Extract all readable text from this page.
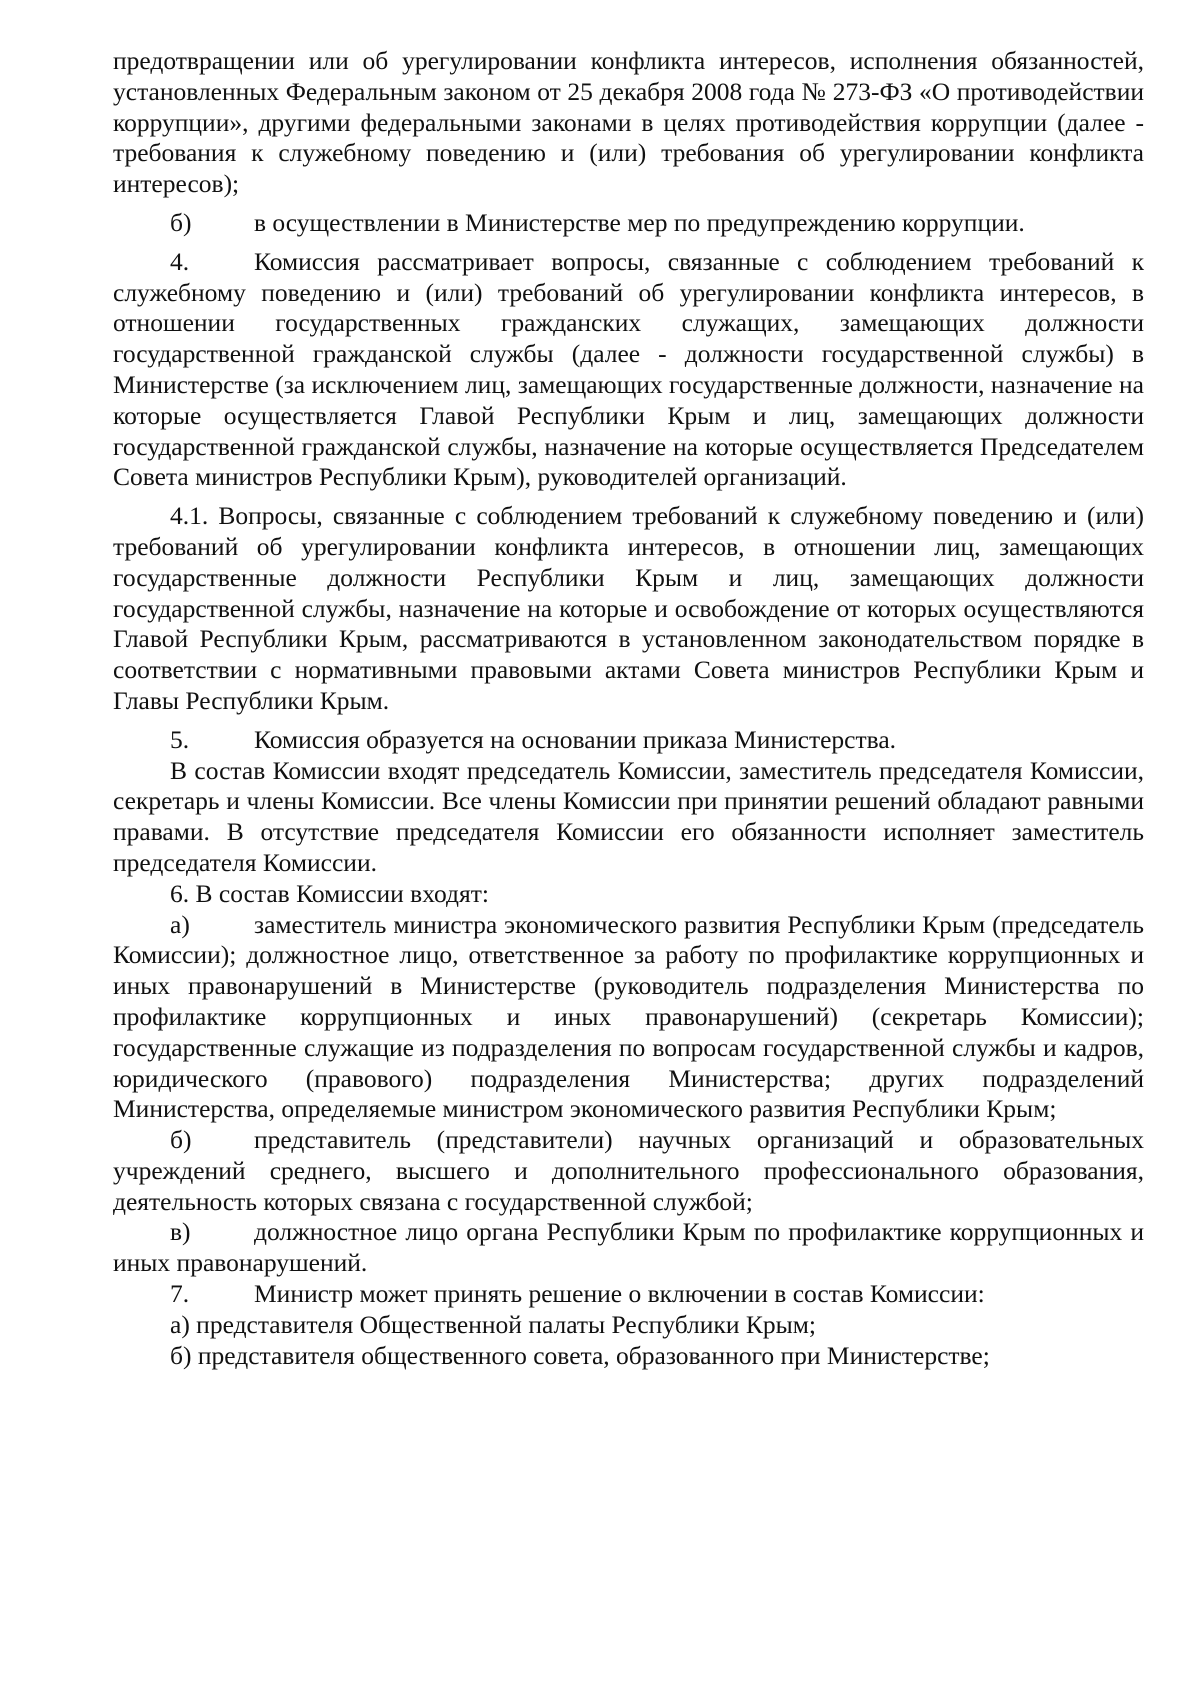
предотвращении или об урегулировании конфликта интересов, исполнения обязанностей, установленных Федеральным законом от 25 декабря 2008 года № 273-ФЗ «О противодействии коррупции», другими федеральными законами в целях противодействия коррупции (далее - требования к служебному поведению и (или) требования об урегулировании конфликта интересов);

б) в осуществлении в Министерстве мер по предупреждению коррупции.

4.	Комиссия рассматривает вопросы, связанные с соблюдением требований к служебному поведению и (или) требований об урегулировании конфликта интересов, в отношении государственных гражданских служащих, замещающих должности государственной гражданской службы (далее - должности государственной службы) в Министерстве (за исключением лиц, замещающих государственные должности, назначение на которые осуществляется Главой Республики Крым и лиц, замещающих должности государственной гражданской службы, назначение на которые осуществляется Председателем Совета министров Республики Крым), руководителей организаций.

4.1. Вопросы, связанные с соблюдением требований к служебному поведению и (или) требований об урегулировании конфликта интересов, в отношении лиц, замещающих государственные должности Республики Крым и лиц, замещающих должности государственной службы, назначение на которые и освобождение от которых осуществляются Главой Республики Крым, рассматриваются в установленном законодательством порядке в соответствии с нормативными правовыми актами Совета министров Республики Крым и Главы Республики Крым.

5.	Комиссия образуется на основании приказа Министерства.

В состав Комиссии входят председатель Комиссии, заместитель председателя Комиссии, секретарь и члены Комиссии. Все члены Комиссии при принятии решений обладают равными правами. В отсутствие председателя Комиссии его обязанности исполняет заместитель председателя Комиссии.

6. В состав Комиссии входят:

а)	заместитель министра экономического развития Республики Крым (председатель Комиссии); должностное лицо, ответственное за работу по профилактике коррупционных и иных правонарушений в Министерстве (руководитель подразделения Министерства по профилактике коррупционных и иных правонарушений) (секретарь Комиссии); государственные служащие из подразделения по вопросам государственной службы и кадров, юридического (правового) подразделения Министерства; других подразделений Министерства, определяемые министром экономического развития Республики Крым;

б) представитель (представители) научных организаций и образовательных учреждений среднего, высшего и дополнительного профессионального образования, деятельность которых связана с государственной службой;

в) должностное лицо органа Республики Крым по профилактике коррупционных и иных правонарушений.

7.	Министр может принять решение о включении в состав Комиссии:

а) представителя Общественной палаты Республики Крым;

б) представителя общественного совета, образованного при Министерстве;
